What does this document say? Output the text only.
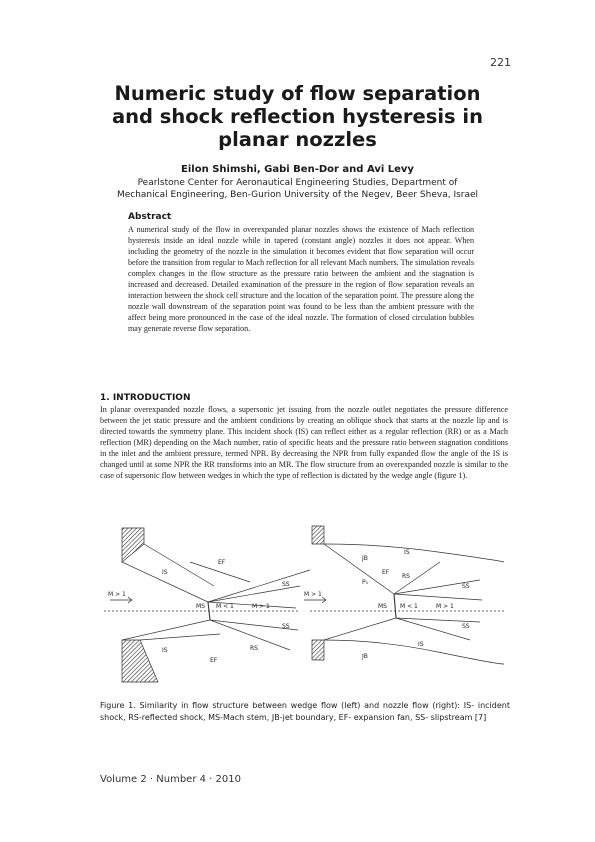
221
Numeric study of flow separation
and shock reflection hysteresis in
planar nozzles
Eilon Shimshi, Gabi Ben-Dor and Avi Levy
Pearlstone Center for Aeronautical Engineering Studies, Department of
Mechanical Engineering, Ben-Gurion University of the Negev, Beer Sheva, Israel
Abstract
A numerical study of the flow in overexpanded planar nozzles shows the existence of Mach reflection hysteresis inside an ideal nozzle while in tapered (constant angle) nozzles it does not appear. When including the geometry of the nozzle in the simulation it becomes evident that flow separation will occur before the transition from regular to Mach reflection for all relevant Mach numbers. The simulation reveals complex changes in the flow structure as the pressure ratio between the ambient and the stagnation is increased and decreased. Detailed examination of the pressure in the region of flow separation reveals an interaction between the shock cell structure and the location of the separation point. The pressure along the nozzle wall downstream of the separation point was found to be less than the ambient pressure with the affect being more pronounced in the case of the ideal nozzle. The formation of closed circulation bubbles may generate reverse flow separation.
1. INTRODUCTION
In planar overexpanded nozzle flows, a supersonic jet issuing from the nozzle outlet negotiates the pressure difference between the jet static pressure and the ambient conditions by creating an oblique shock that starts at the nozzle lip and is directed towards the symmetry plane. This incident shock (IS) can reflect either as a regular reflection (RR) or as a Mach reflection (MR) depending on the Mach number, ratio of specific heats and the pressure ratio between stagnation conditions in the inlet and the ambient pressure, termed NPR. By decreasing the NPR from fully expanded flow the angle of the IS is changed until at some NPR the RR transforms into an MR. The flow structure from an overexpanded nozzle is similar to the case of supersonic flow between wedges in which the type of reflection is dictated by the wedge angle (figure 1).
IS
EF
SS
M > 1
MS M < 1	M > 1
SS
RS
EF
IS
JB
IS
EF
P₀
RS
SS
M > 1
MS M < 1	M > 1
SS
IS
JB
Figure 1. Similarity in flow structure between wedge flow (left) and nozzle flow (right): IS- incident shock, RS-reflected shock, MS-Mach stem, JB-jet boundary, EF- expansion fan, SS- slipstream [7]
Volume 2 · Number 4 · 2010
